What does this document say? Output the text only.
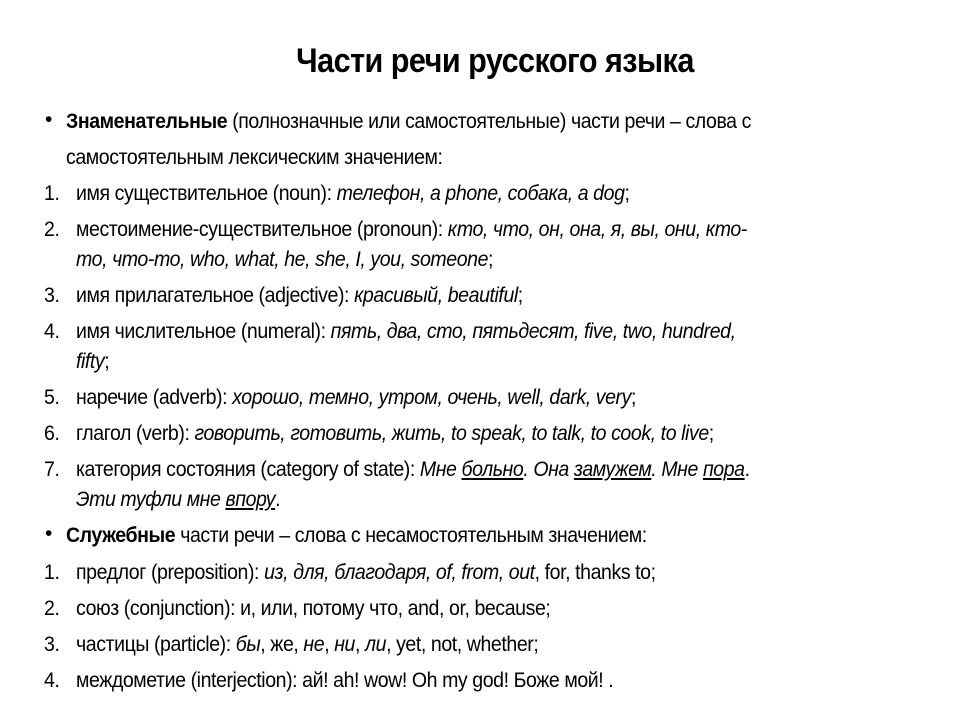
Части речи русского языка
• Знаменательные (полнозначные или самостоятельные) части речи – слова с
самостоятельным лексическим значением:
1. имя существительное (noun): телефон, a phone, собака, a dog;
2. местоимение-существительное (pronoun): кто, что, он, она, я, вы, они, кто-
то, что-то, who, what, he, she, I, you, someone;
3. имя прилагательное (adjective): красивый, beautiful;
4. имя числительное (numeral): пять, два, сто, пятьдесят, five, two, hundred,
fifty;
5. наречие (adverb): хорошо, темно, утром, очень, well, dark, very;
6. глагол (verb): говорить, готовить, жить, to speak, to talk, to cook, to live;
7. категория состояния (category of state): Мне больно. Она замужем. Мне пора.
Эти туфли мне впору.
• Служебные части речи – слова с несамостоятельным значением:
1. предлог (preposition): из, для, благодаря, of, from, out, for, thanks to;
2. союз (conjunction): и, или, потому что, and, or, because;
3. частицы (particle): бы, же, не, ни, ли, yet, not, whether;
4. междометие (interjection): ай! ah! wow! Oh my god! Боже мой! .
